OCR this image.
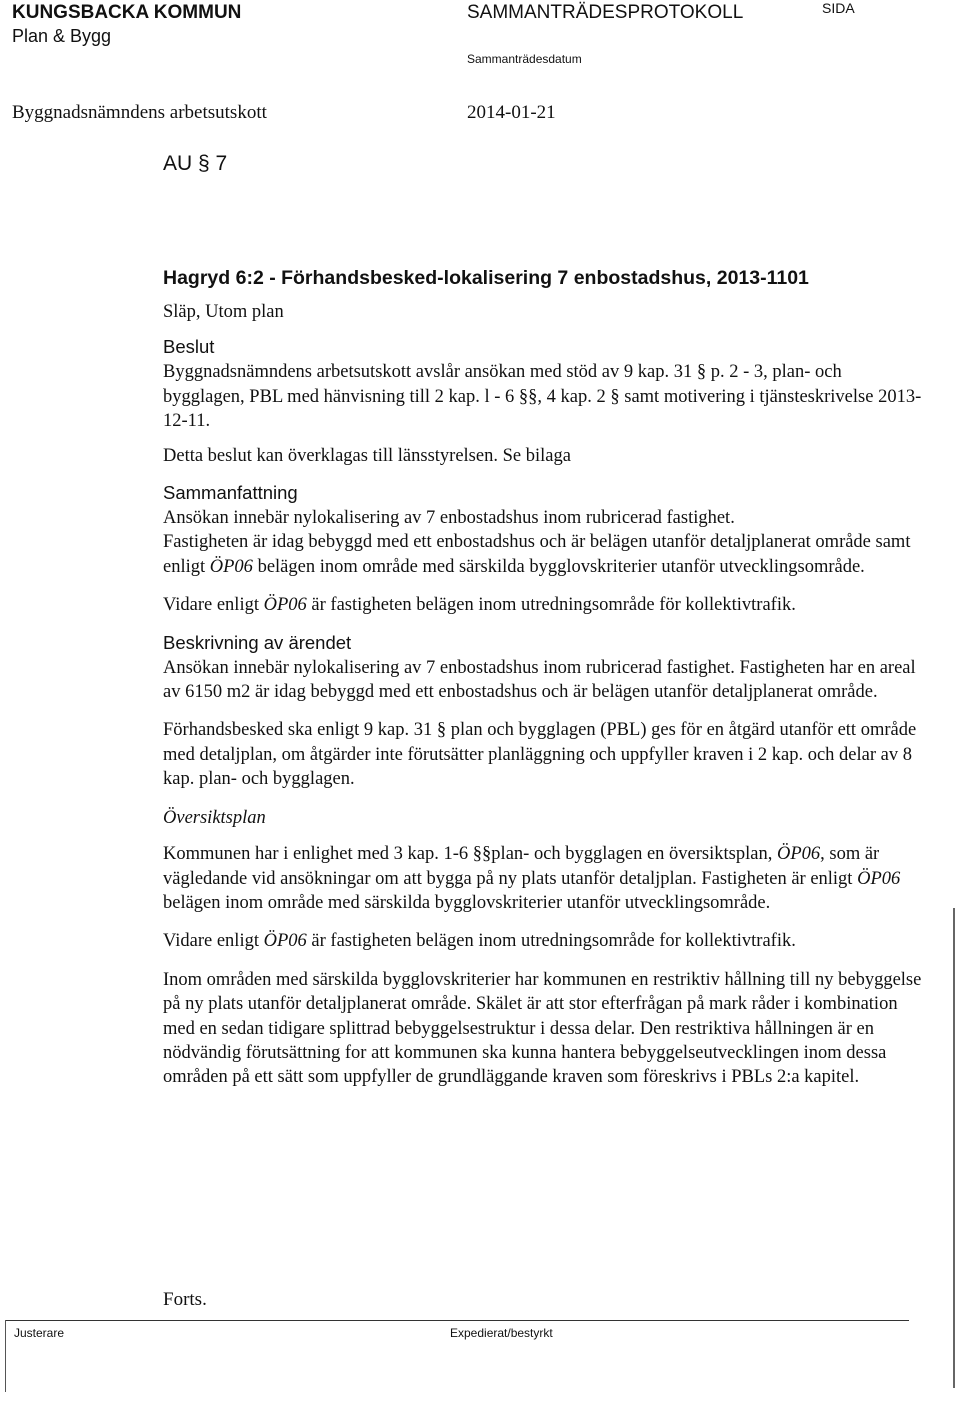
KUNGSBACKA KOMMUN
Plan & Bygg
SAMMANTRÄDESPROTOKOLL	SIDA
Sammanträdesdatum
Byggnadsnämndens arbetsutskott	2014-01-21
AU § 7

Hagryd 6:2 - Förhandsbesked-lokalisering 7 enbostadshus, 2013-1101

Släp, Utom plan

Beslut

Byggnadsnämndens arbetsutskott avslår ansökan med stöd av 9 kap. 31 § p. 2 - 3, plan- och bygglagen, PBL med hänvisning till 2 kap. l - 6 §§, 4 kap. 2 § samt motivering i tjänsteskrivelse 2013-12-11.

Detta beslut kan överklagas till länsstyrelsen. Se bilaga

Sammanfattning

Ansökan innebär nylokalisering av 7 enbostadshus inom rubricerad fastighet.

Fastigheten är idag bebyggd med ett enbostadshus och är belägen utanför detaljplanerat område samt enligt ÖP06 belägen inom område med särskilda bygglovskriterier utanför utvecklingsområde.

Vidare enligt ÖP06 är fastigheten belägen inom utredningsområde för kollektivtrafik.

Beskrivning av ärendet

Ansökan innebär nylokalisering av 7 enbostadshus inom rubricerad fastighet. Fastigheten har en areal av 6150 m2 är idag bebyggd med ett enbostadshus och är belägen utanför detaljplanerat område.

Förhandsbesked ska enligt 9 kap. 31 § plan och bygglagen (PBL) ges för en åtgärd utanför ett område med detaljplan, om åtgärder inte förutsätter planläggning och uppfyller kraven i 2 kap. och delar av 8 kap. plan- och bygglagen.

Översiktsplan

Kommunen har i enlighet med 3 kap. 1-6 §§plan- och bygglagen en översiktsplan, ÖP06, som är vägledande vid ansökningar om att bygga på ny plats utanför detaljplan. Fastigheten är enligt ÖP06 belägen inom område med särskilda bygglovskriterier utanför utvecklingsområde.

Vidare enligt ÖP06 är fastigheten belägen inom utredningsområde for kollektivtrafik.

Inom områden med särskilda bygglovskriterier har kommunen en restriktiv hållning till ny bebyggelse på ny plats utanför detaljplanerat område. Skälet är att stor efterfrågan på mark råder i kombination med en sedan tidigare splittrad bebyggelsestruktur i dessa delar. Den restriktiva hållningen är en nödvändig förutsättning for att kommunen ska kunna hantera bebyggelseutvecklingen inom dessa områden på ett sätt som uppfyller de grundläggande kraven som föreskrivs i PBLs 2:a kapitel.

Forts.
Justerare	Expedierat/bestyrkt
